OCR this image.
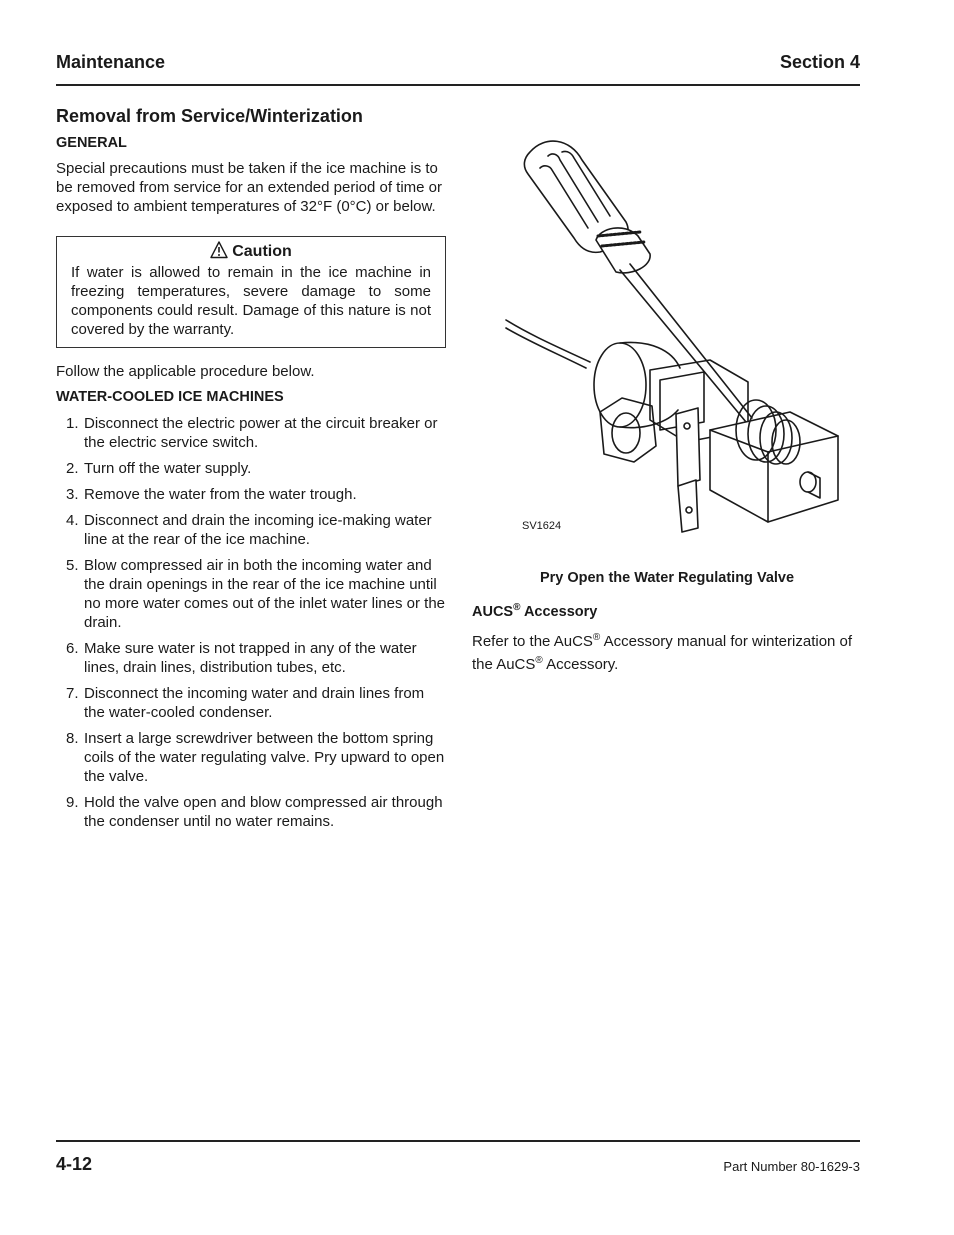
Maintenance	Section 4
Removal from Service/Winterization
GENERAL

Special precautions must be taken if the ice machine is to be removed from service for an extended period of time or exposed to ambient temperatures of 32°F (0°C) or below.

Caution
If water is allowed to remain in the ice machine in freezing temperatures, severe damage to some components could result. Damage of this nature is not covered by the warranty.

Follow the applicable procedure below.

WATER-COOLED ICE MACHINES
1. Disconnect the electric power at the circuit breaker or the electric service switch.
2. Turn off the water supply.
3. Remove the water from the water trough.
4. Disconnect and drain the incoming ice-making water line at the rear of the ice machine.
5. Blow compressed air in both the incoming water and the drain openings in the rear of the ice machine until no more water comes out of the inlet water lines or the drain.
6. Make sure water is not trapped in any of the water lines, drain lines, distribution tubes, etc.
7. Disconnect the incoming water and drain lines from the water-cooled condenser.
8. Insert a large screwdriver between the bottom spring coils of the water regulating valve. Pry upward to open the valve.
9. Hold the valve open and blow compressed air through the condenser until no water remains.
SV1624
Pry Open the Water Regulating Valve
AUCS® Accessory

Refer to the AuCS® Accessory manual for winterization of the AuCS® Accessory.

4-12	Part Number 80-1629-3
